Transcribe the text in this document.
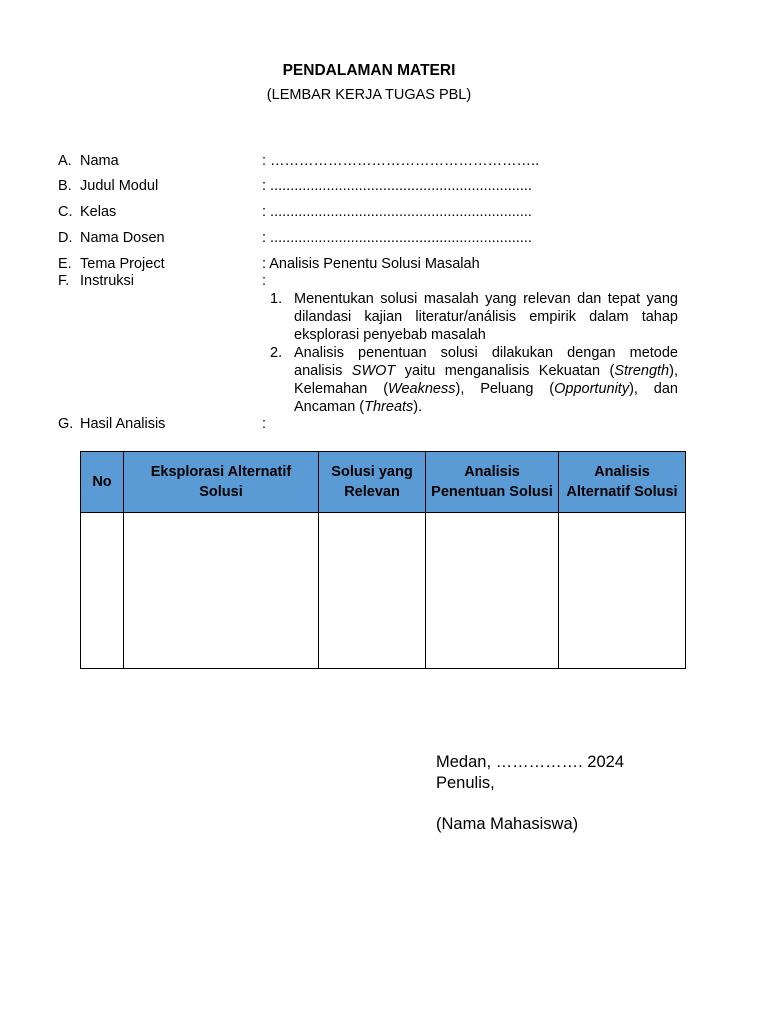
PENDALAMAN MATERI
(LEMBAR KERJA TUGAS PBL)
A. Nama	: ………………………………………………..
B. Judul Modul	: .................................................................
C. Kelas	: .................................................................
D. Nama Dosen	: .................................................................
E. Tema Project	: Analisis Penentu Solusi Masalah
F. Instruksi	:
1. Menentukan solusi masalah yang relevan dan tepat yang dilandasi kajian literatur/análisis empirik dalam tahap eksplorasi penyebab masalah
2. Analisis penentuan solusi dilakukan dengan metode analisis SWOT yaitu menganalisis Kekuatan (Strength), Kelemahan (Weakness), Peluang (Opportunity), dan Ancaman (Threats).
G. Hasil Analisis	:
No	Eksplorasi Alternatif Solusi	Solusi yang Relevan	Analisis Penentuan Solusi	Analisis Alternatif Solusi

Medan, ……………. 2024
Penulis,
(Nama Mahasiswa)
